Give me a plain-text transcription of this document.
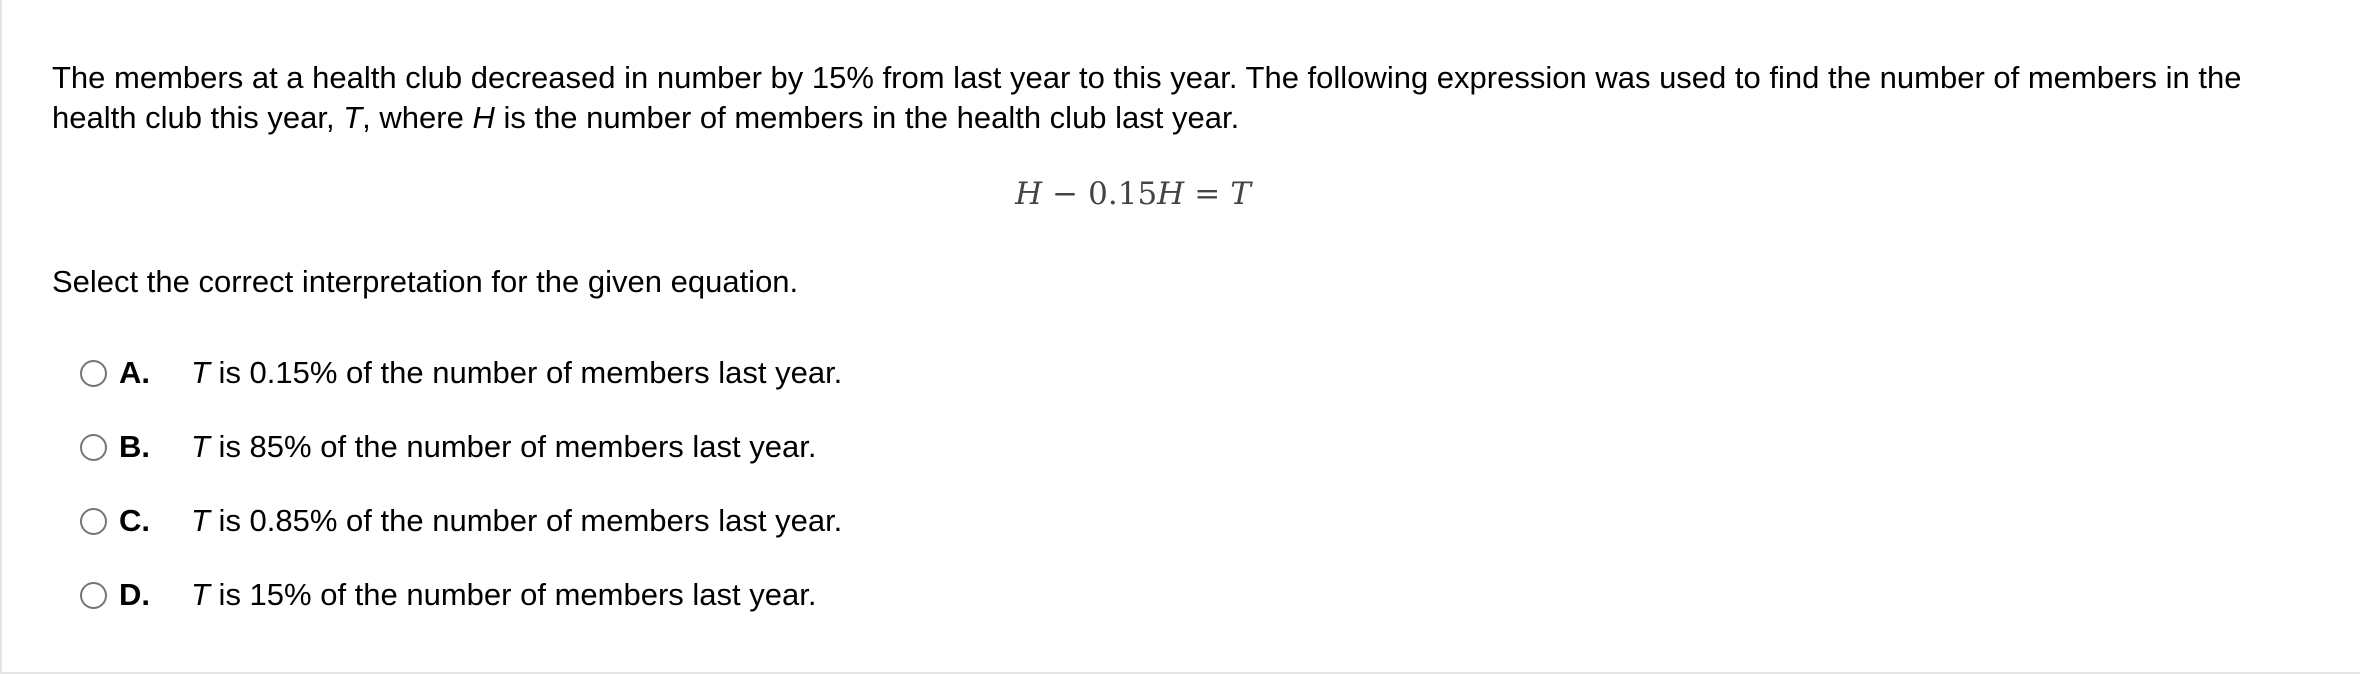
The members at a health club decreased in number by 15% from last year to this year. The following expression was used to find the number of members in the health club this year, T, where H is the number of members in the health club last year.
H − 0.15H = T
Select the correct interpretation for the given equation.
A.	T is 0.15% of the number of members last year.
B.	T is 85% of the number of members last year.
C.	T is 0.85% of the number of members last year.
D.	T is 15% of the number of members last year.
